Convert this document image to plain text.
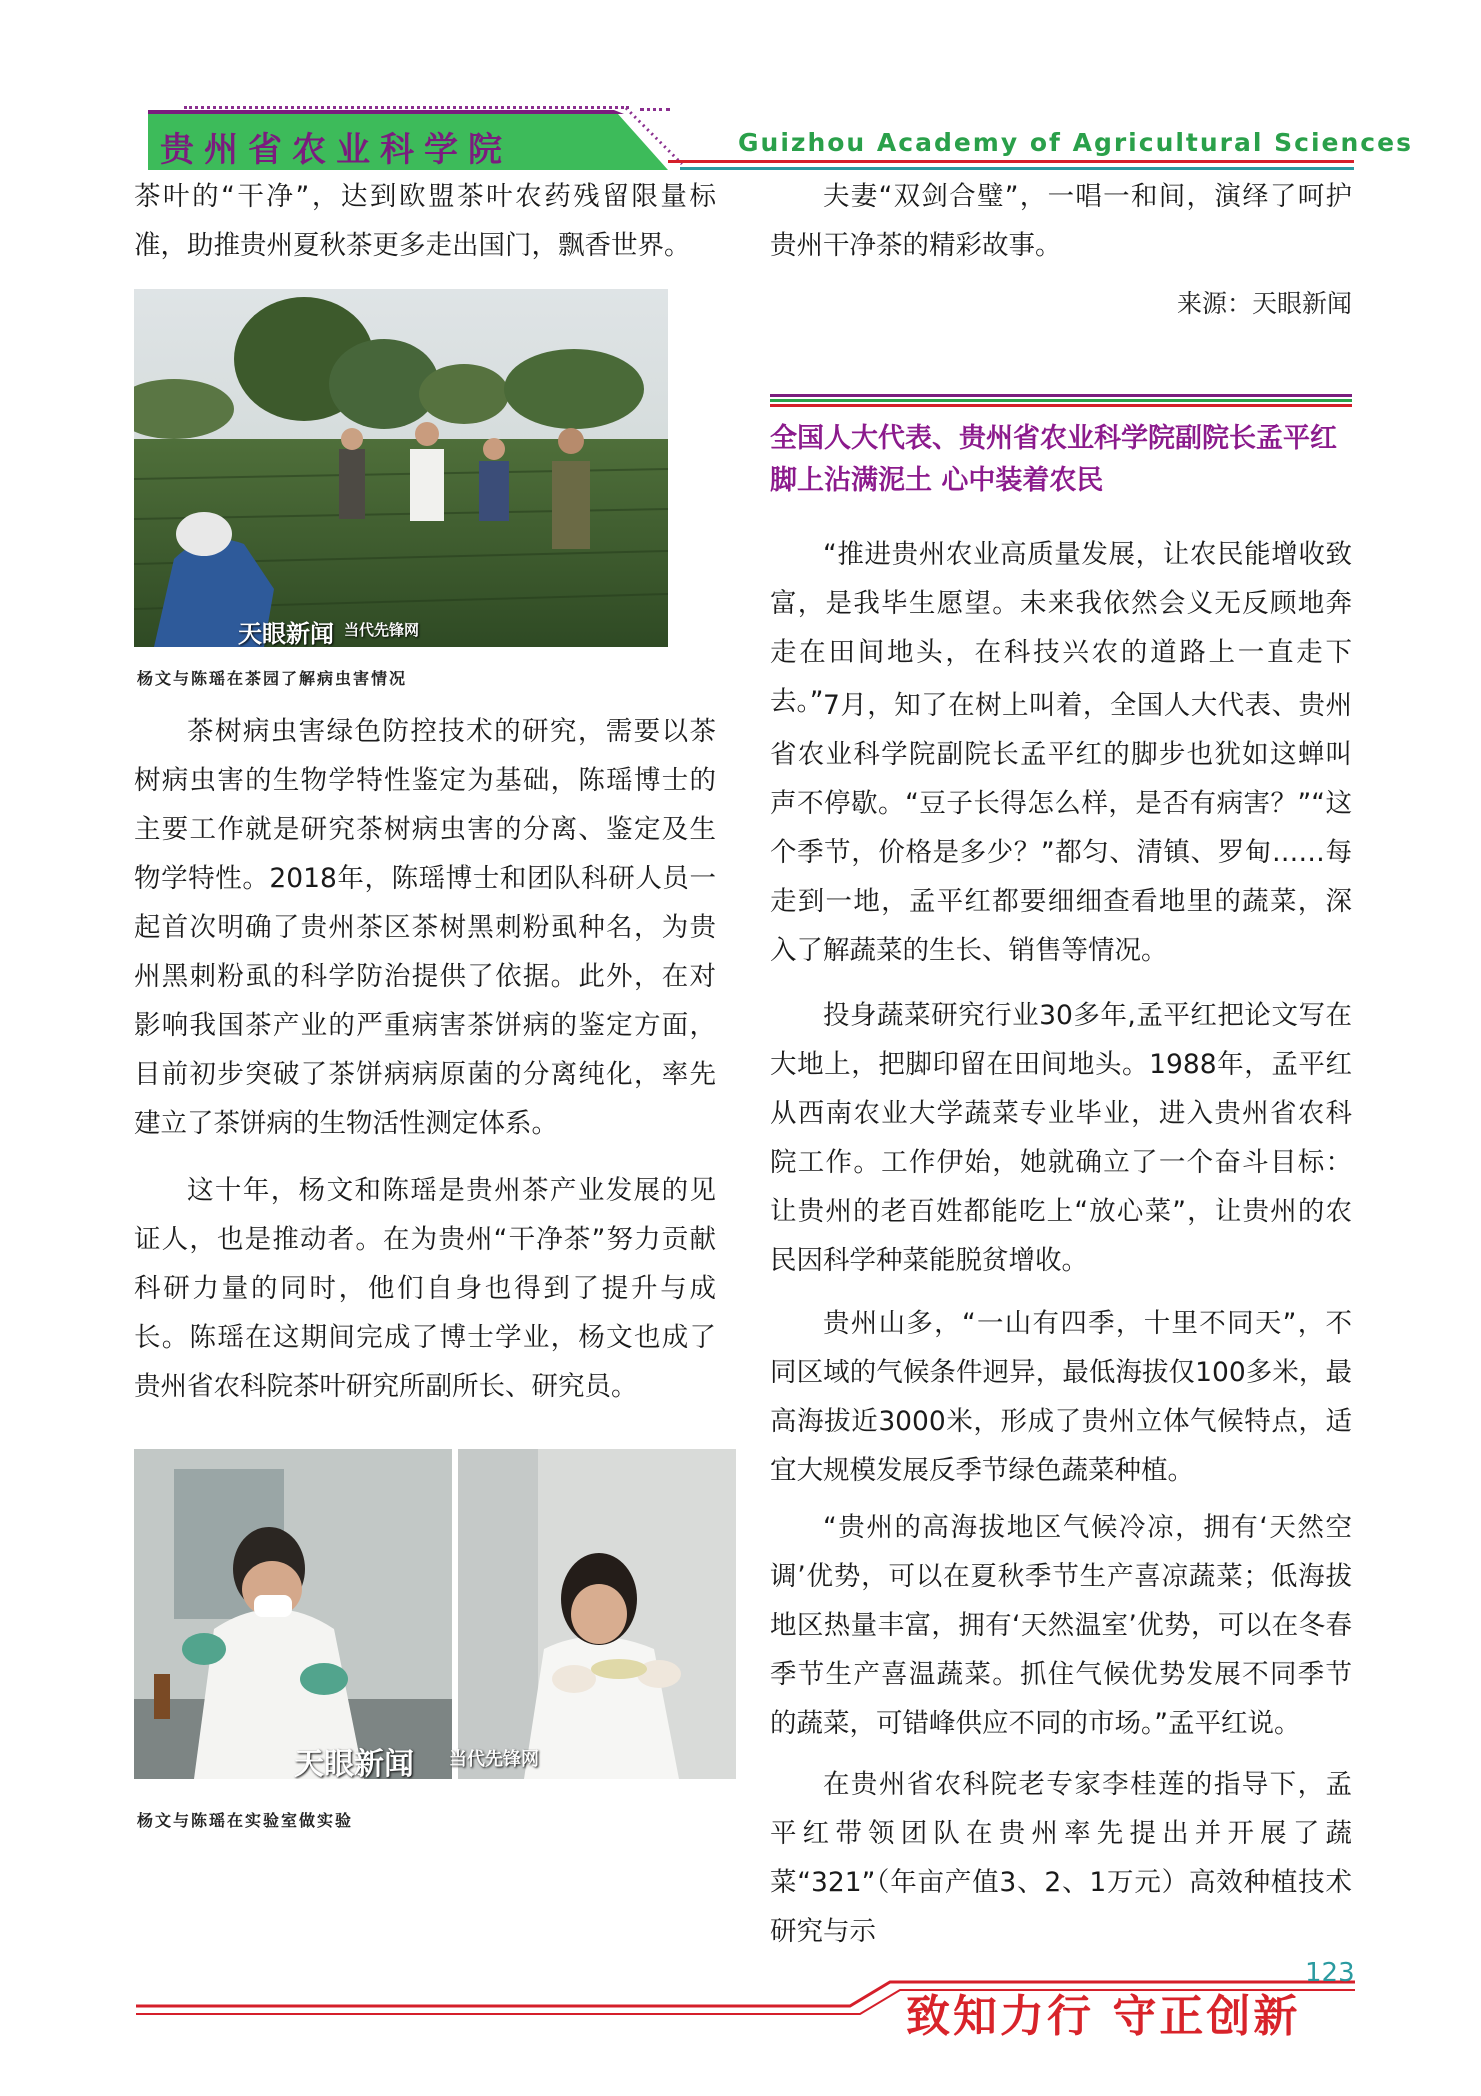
贵州省农业科学院	Guizhou Academy of Agricultural Sciences

茶叶的“干净”，达到欧盟茶叶农药残留限量标准，助推贵州夏秋茶更多走出国门，飘香世界。

天眼新闻 当代先锋网
杨文与陈瑶在茶园了解病虫害情况

茶树病虫害绿色防控技术的研究，需要以茶树病虫害的生物学特性鉴定为基础，陈瑶博士的主要工作就是研究茶树病虫害的分离、鉴定及生物学特性。2018年，陈瑶博士和团队科研人员一起首次明确了贵州茶区茶树黑刺粉虱种名，为贵州黑刺粉虱的科学防治提供了依据。此外，在对影响我国茶产业的严重病害茶饼病的鉴定方面，目前初步突破了茶饼病病原菌的分离纯化，率先建立了茶饼病的生物活性测定体系。

这十年，杨文和陈瑶是贵州茶产业发展的见证人，也是推动者。在为贵州“干净茶”努力贡献科研力量的同时，他们自身也得到了提升与成长。陈瑶在这期间完成了博士学业，杨文也成了贵州省农科院茶叶研究所副所长、研究员。

天眼新闻 当代先锋网
杨文与陈瑶在实验室做实验

夫妻“双剑合璧”，一唱一和间，演绎了呵护贵州干净茶的精彩故事。

来源：天眼新闻
全国人大代表、贵州省农业科学院副院长孟平红 脚上沾满泥土 心中装着农民

“推进贵州农业高质量发展，让农民能增收致富，是我毕生愿望。未来我依然会义无反顾地奔走在田间地头，在科技兴农的道路上一直走下去。” 7月，知了在树上叫着，全国人大代表、贵州省农业科学院副院长孟平红的脚步也犹如这蝉叫声不停歇。“豆子长得怎么样，是否有病害？”“这个季节，价格是多少？”都匀、清镇、罗甸……每走到一地，孟平红都要细细查看地里的蔬菜，深入了解蔬菜的生长、销售等情况。

投身蔬菜研究行业30多年,孟平红把论文写在大地上，把脚印留在田间地头。1988年，孟平红从西南农业大学蔬菜专业毕业，进入贵州省农科院工作。工作伊始，她就确立了一个奋斗目标：让贵州的老百姓都能吃上“放心菜”，让贵州的农民因科学种菜能脱贫增收。

贵州山多，“一山有四季，十里不同天”，不同区域的气候条件迥异，最低海拔仅100多米，最高海拔近3000米，形成了贵州立体气候特点，适宜大规模发展反季节绿色蔬菜种植。

“贵州的高海拔地区气候冷凉，拥有‘天然空调’优势，可以在夏秋季节生产喜凉蔬菜；低海拔地区热量丰富，拥有‘天然温室’优势，可以在冬春季节生产喜温蔬菜。抓住气候优势发展不同季节的蔬菜，可错峰供应不同的市场。”孟平红说。

在贵州省农科院老专家李桂莲的指导下，孟平红带领团队在贵州率先提出并开展了蔬菜“321”（年亩产值3、2、1万元）高效种植技术研究与示

123
致知力行 守正创新
